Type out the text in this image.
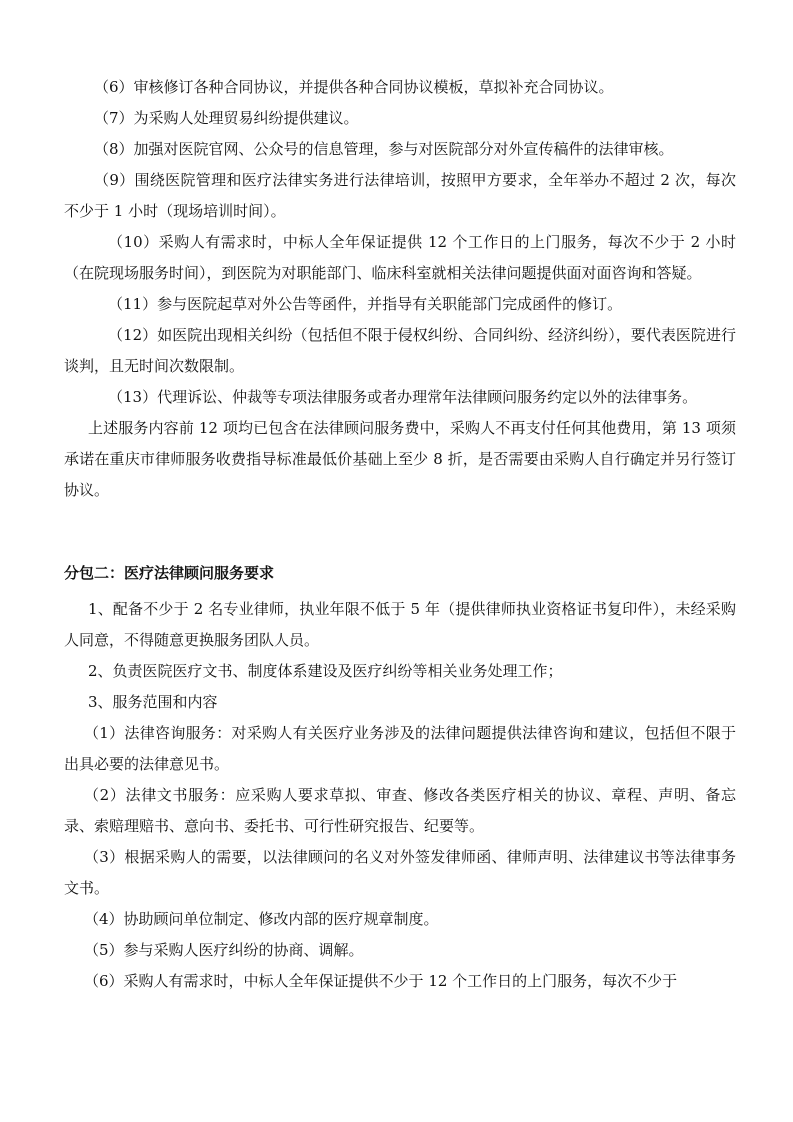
（6）审核修订各种合同协议，并提供各种合同协议模板，草拟补充合同协议。

（7）为采购人处理贸易纠纷提供建议。

（8）加强对医院官网、公众号的信息管理，参与对医院部分对外宣传稿件的法律审核。

（9）围绕医院管理和医疗法律实务进行法律培训，按照甲方要求，全年举办不超过 2 次，每次不少于 1 小时（现场培训时间）。

（10）采购人有需求时，中标人全年保证提供 12 个工作日的上门服务，每次不少于 2 小时（在院现场服务时间），到医院为对职能部门、临床科室就相关法律问题提供面对面咨询和答疑。

（11）参与医院起草对外公告等函件，并指导有关职能部门完成函件的修订。

（12）如医院出现相关纠纷（包括但不限于侵权纠纷、合同纠纷、经济纠纷），要代表医院进行谈判，且无时间次数限制。

（13）代理诉讼、仲裁等专项法律服务或者办理常年法律顾问服务约定以外的法律事务。

上述服务内容前 12 项均已包含在法律顾问服务费中，采购人不再支付任何其他费用，第 13 项须承诺在重庆市律师服务收费指导标准最低价基础上至少 8 折，是否需要由采购人自行确定并另行签订协议。

分包二：医疗法律顾问服务要求

1、配备不少于 2 名专业律师，执业年限不低于 5 年（提供律师执业资格证书复印件），未经采购人同意，不得随意更换服务团队人员。

2、负责医院医疗文书、制度体系建设及医疗纠纷等相关业务处理工作；

3、服务范围和内容

（1）法律咨询服务：对采购人有关医疗业务涉及的法律问题提供法律咨询和建议，包括但不限于出具必要的法律意见书。

（2）法律文书服务：应采购人要求草拟、审查、修改各类医疗相关的协议、章程、声明、备忘录、索赔理赔书、意向书、委托书、可行性研究报告、纪要等。

（3）根据采购人的需要，以法律顾问的名义对外签发律师函、律师声明、法律建议书等法律事务文书。

（4）协助顾问单位制定、修改内部的医疗规章制度。

（5）参与采购人医疗纠纷的协商、调解。

（6）采购人有需求时，中标人全年保证提供不少于 12 个工作日的上门服务，每次不少于
